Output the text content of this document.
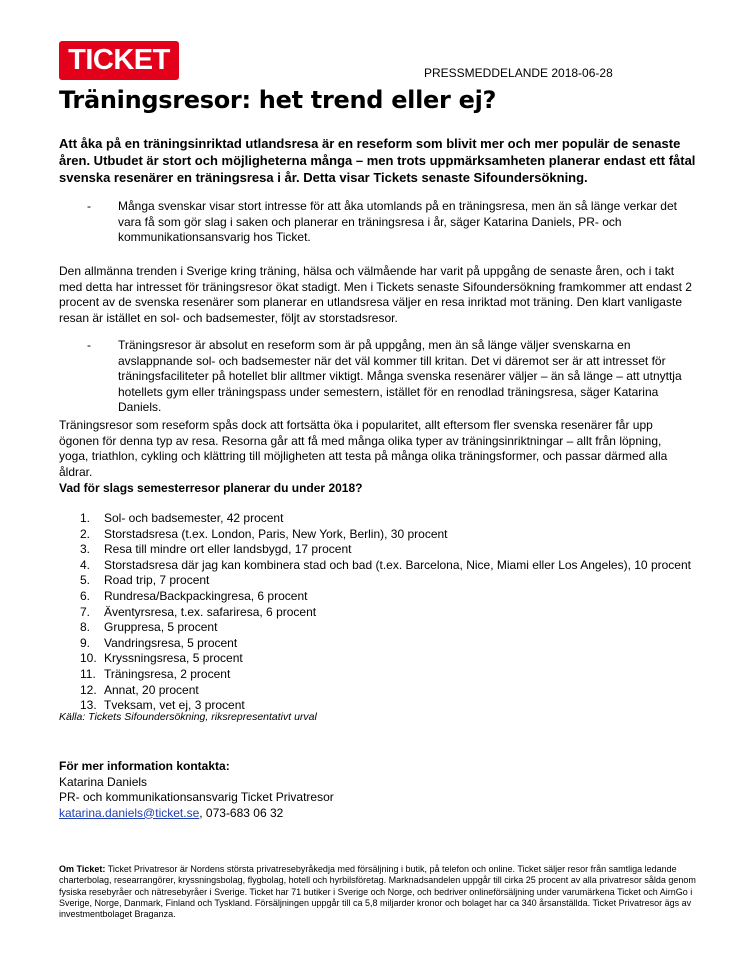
TICKET	PRESSMEDDELANDE 2018-06-28
Träningsresor: het trend eller ej?

Att åka på en träningsinriktad utlandsresa är en reseform som blivit mer och mer populär de senaste åren. Utbudet är stort och möjligheterna många – men trots uppmärksamheten planerar endast ett fåtal svenska resenärer en träningsresa i år. Detta visar Tickets senaste Sifoundersökning.

- Många svenskar visar stort intresse för att åka utomlands på en träningsresa, men än så länge verkar det vara få som gör slag i saken och planerar en träningsresa i år, säger Katarina Daniels, PR- och kommunikationsansvarig hos Ticket.

Den allmänna trenden i Sverige kring träning, hälsa och välmående har varit på uppgång de senaste åren, och i takt med detta har intresset för träningsresor ökat stadigt. Men i Tickets senaste Sifoundersökning framkommer att endast 2 procent av de svenska resenärer som planerar en utlandsresa väljer en resa inriktad mot träning. Den klart vanligaste resan är istället en sol- och badsemester, följt av storstadsresor.

- Träningsresor är absolut en reseform som är på uppgång, men än så länge väljer svenskarna en avslappnande sol- och badsemester när det väl kommer till kritan. Det vi däremot ser är att intresset för träningsfaciliteter på hotellet blir alltmer viktigt. Många svenska resenärer väljer – än så länge – att utnyttja hotellets gym eller träningspass under semestern, istället för en renodlad träningsresa, säger Katarina Daniels.

Träningsresor som reseform spås dock att fortsätta öka i popularitet, allt eftersom fler svenska resenärer får upp ögonen för denna typ av resa. Resorna går att få med många olika typer av träningsinriktningar – allt från löpning, yoga, triathlon, cykling och klättring till möjligheten att testa på många olika träningsformer, och passar därmed alla åldrar.

Vad för slags semesterresor planerar du under 2018?

1. Sol- och badsemester, 42 procent
2. Storstadsresa (t.ex. London, Paris, New York, Berlin), 30 procent
3. Resa till mindre ort eller landsbygd, 17 procent
4. Storstadsresa där jag kan kombinera stad och bad (t.ex. Barcelona, Nice, Miami eller Los Angeles), 10 procent
5. Road trip, 7 procent
6. Rundresa/Backpackingresa, 6 procent
7. Äventyrsresa, t.ex. safariresa, 6 procent
8. Gruppresa, 5 procent
9. Vandringsresa, 5 procent
10. Kryssningsresa, 5 procent
11. Träningsresa, 2 procent
12. Annat, 20 procent
13. Tveksam, vet ej, 3 procent
Källa: Tickets Sifoundersökning, riksrepresentativt urval
För mer information kontakta:
Katarina Daniels
PR- och kommunikationsansvarig Ticket Privatresor
katarina.daniels@ticket.se, 073-683 06 32
Om Ticket: Ticket Privatresor är Nordens största privatresebyråkedja med försäljning i butik, på telefon och online. Ticket säljer resor från samtliga ledande charterbolag, researrangörer, kryssningsbolag, flygbolag, hotell och hyrbilsföretag. Marknadsandelen uppgår till cirka 25 procent av alla privatresor sålda genom fysiska resebyråer och nätresebyråer i Sverige. Ticket har 71 butiker i Sverige och Norge, och bedriver onlineförsäljning under varumärkena Ticket och AirnGo i Sverige, Norge, Danmark, Finland och Tyskland. Försäljningen uppgår till ca 5,8 miljarder kronor och bolaget har ca 340 årsanställda. Ticket Privatresor ägs av investmentbolaget Braganza.
